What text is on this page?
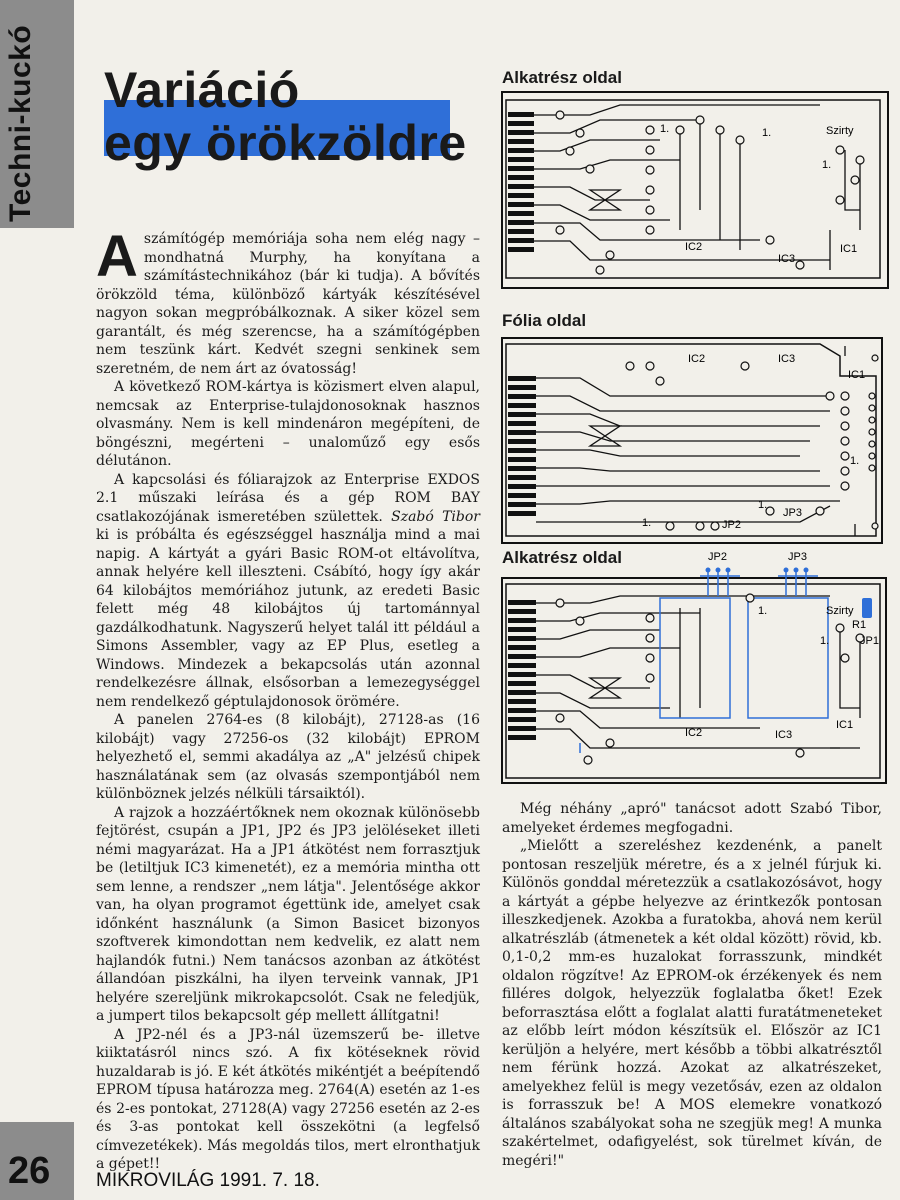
Techni-kuckó Variáció
egy örökzöldre

Aszámítógép memóriája soha nem elég nagy – mondhatná Murphy, ha konyítana a számítástechnikához (bár ki tudja). A bővítés örökzöld téma, különböző kártyák készítésével nagyon sokan megpróbálkoznak. A siker közel sem garantált, és még szerencse, ha a számítógépben nem teszünk kárt. Kedvét szegni senkinek sem szeretném, de nem árt az óvatosság!

A következő ROM-kártya is közismert elven alapul, nemcsak az Enterprise-tulajdonosoknak hasznos olvasmány. Nem is kell mindenáron megépíteni, de böngészni, megérteni – unaloműző egy esős délutánon.

A kapcsolási és fóliarajzok az Enterprise EXDOS 2.1 műszaki leírása és a gép ROM BAY csatlakozójának ismeretében születtek. Szabó Tibor ki is próbálta és egészséggel használja mind a mai napig. A kártyát a gyári Basic ROM-ot eltávolítva, annak helyére kell illeszteni. Csábító, hogy így akár 64 kilobájtos memóriához jutunk, az eredeti Basic felett még 48 kilobájtos új tartománnyal gazdálkodhatunk. Nagyszerű helyet talál itt például a Simons Assembler, vagy az EP Plus, esetleg a Windows. Mindezek a bekapcsolás után azonnal rendelkezésre állnak, elsősorban a lemezegységgel nem rendelkező géptulajdonosok örömére.

A panelen 2764-es (8 kilobájt), 27128-as (16 kilobájt) vagy 27256-os (32 kilobájt) EPROM helyezhető el, semmi akadálya az „A" jelzésű chipek használatának sem (az olvasás szempontjából nem különböznek jelzés nélküli társaiktól).

A rajzok a hozzáértőknek nem okoznak különösebb fejtörést, csupán a JP1, JP2 és JP3 jelöléseket illeti némi magyarázat. Ha a JP1 átkötést nem forrasztjuk be (letiltjuk IC3 kimenetét), ez a memória mintha ott sem lenne, a rendszer „nem látja". Jelentősége akkor van, ha olyan programot égettünk ide, amelyet csak időnként használunk (a Simon Basicet bizonyos szoftverek kimondottan nem kedvelik, ez alatt nem hajlandók futni.) Nem tanácsos azonban az átkötést állandóan piszkálni, ha ilyen terveink vannak, JP1 helyére szereljünk mikrokapcsolót. Csak ne feledjük, a jumpert tilos bekapcsolt gép mellett állítgatni!

A JP2-nél és a JP3-nál üzemszerű be- illetve kiiktatásról nincs szó. A fix kötéseknek rövid huzaldarab is jó. E két átkötés mikéntjét a beépítendő EPROM típusa határozza meg. 2764(A) esetén az 1-es és 2-es pontokat, 27128(A) vagy 27256 esetén az 2-es és 3-as pontokat kell összekötni (a legfelső címvezetékek). Más megoldás tilos, mert elronthatjuk a gépet!!

Még néhány „apró" tanácsot adott Szabó Tibor, amelyeket érdemes megfogadni.

„Mielőtt a szereléshez kezdenénk, a panelt pontosan reszeljük méretre, és a ⧖ jelnél fúrjuk ki. Különös gonddal méretezzük a csatlakozósávot, hogy a kártyát a gépbe helyezve az érintkezők pontosan illeszkedjenek. Azokba a furatokba, ahová nem kerül alkatrészláb (átmenetek a két oldal között) rövid, kb. 0,1-0,2 mm-es huzalokat forrasszunk, mindkét oldalon rögzítve! Az EPROM-ok érzékenyek és nem filléres dolgok, helyezzük foglalatba őket! Ezek beforrasztása előtt a foglalat alatti furatátmeneteket az előbb leírt módon készítsük el. Először az IC1 kerüljön a helyére, mert később a többi alkatrésztől nem férünk hozzá. Azokat az alkatrészeket, amelyekhez felül is megy vezetősáv, ezen az oldalon is forrasszuk be! A MOS elemekre vonatkozó általános szabályokat soha ne szegjük meg! A munka szakértelmet, odafigyelést, sok türelmet kíván, de megéri!"

Alkatrész oldal
IC2
IC3
IC1
Szirty
1.	1.
1.
Fólia oldal
IC2	IC3
IC1
JP2
JP3
1.
1.
1.
Alkatrész oldal	JP2	JP3
IC2	IC3
IC1
Szirty
R1
JP1
1.
1.
26 MIKROVILÁG 1991. 7. 18.
